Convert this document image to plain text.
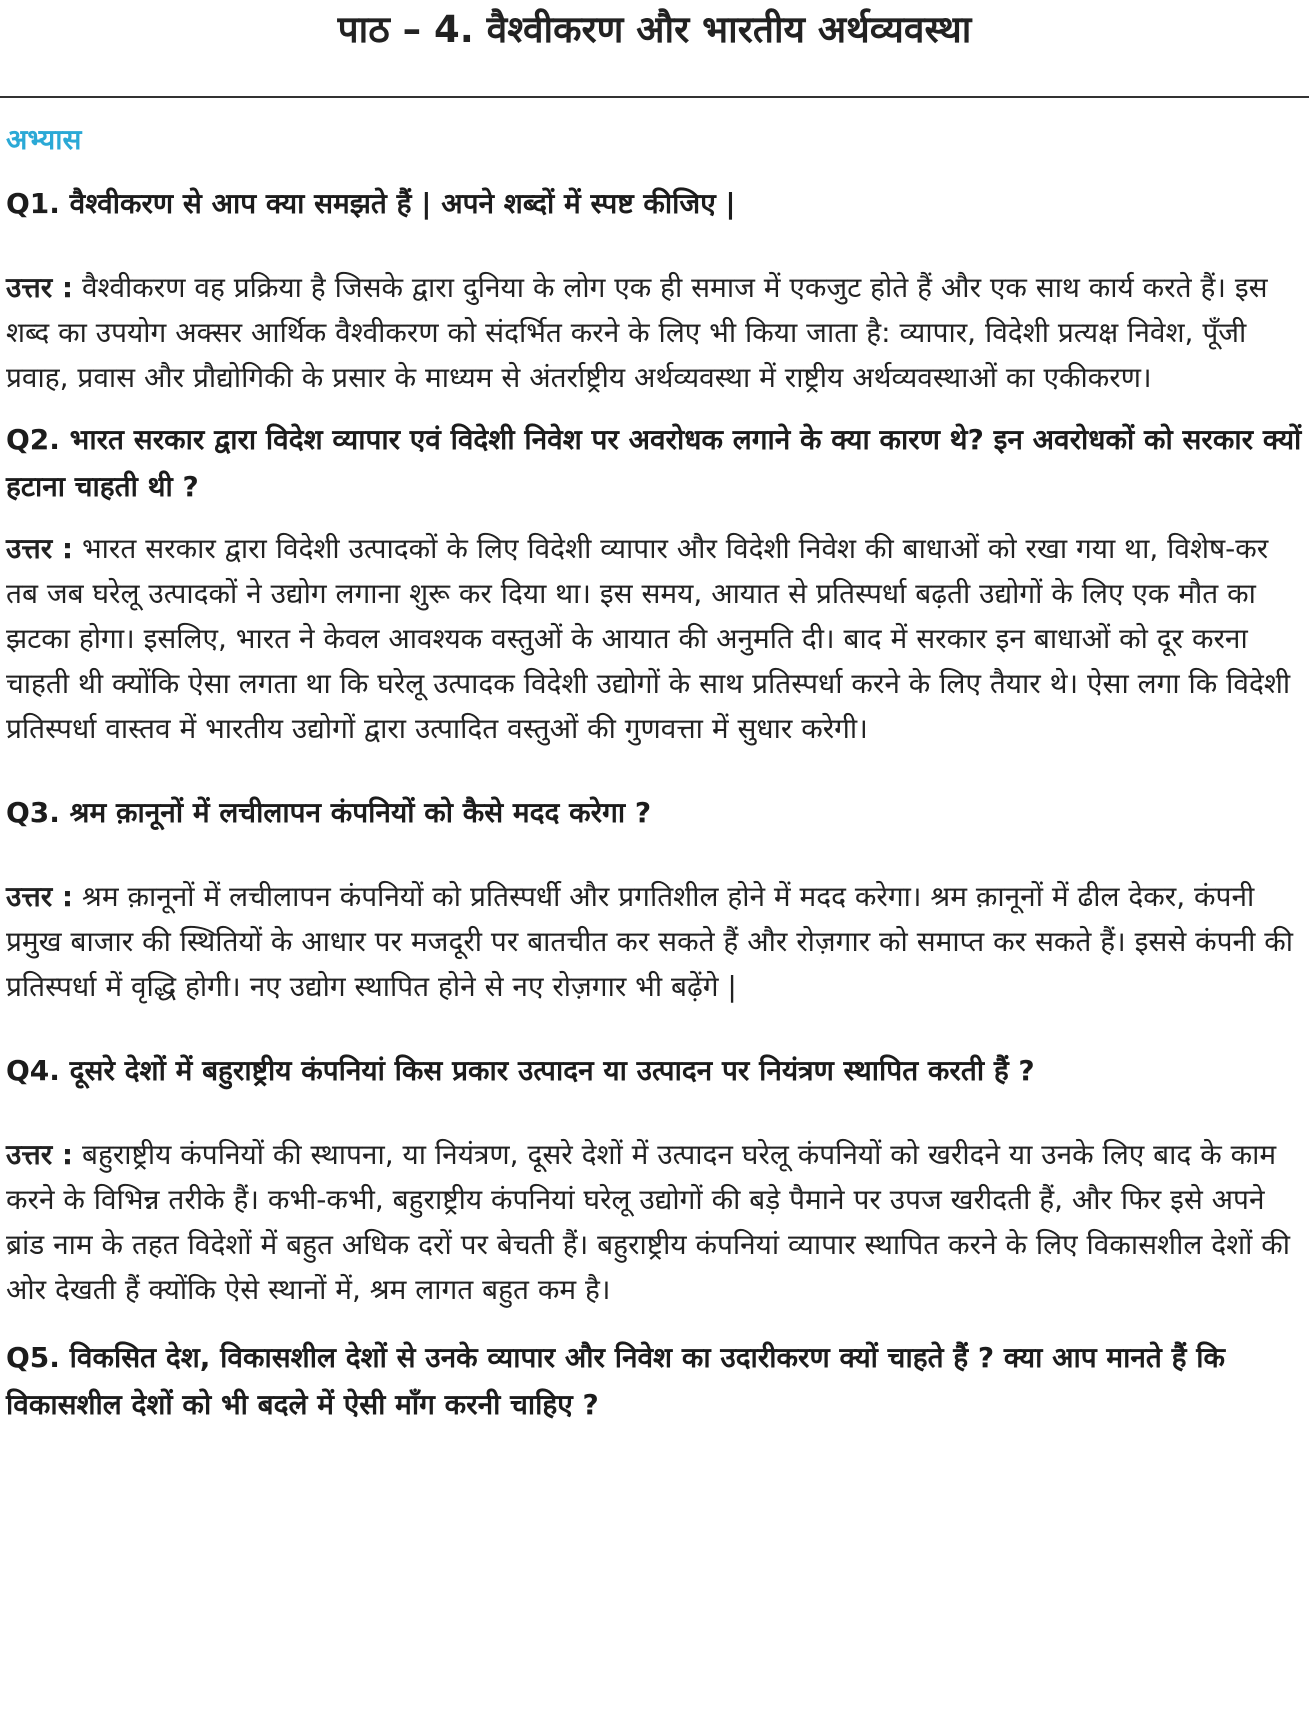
पाठ – 4. वैश्वीकरण और भारतीय अर्थव्यवस्था
अभ्यास

Q1. वैश्वीकरण से आप क्या समझते हैं | अपने शब्दों में स्पष्ट कीजिए |

उत्तर : वैश्वीकरण वह प्रक्रिया है जिसके द्वारा दुनिया के लोग एक ही समाज में एकजुट होते हैं और एक साथ कार्य करते हैं। इस शब्द का उपयोग अक्सर आर्थिक वैश्वीकरण को संदर्भित करने के लिए भी किया जाता है: व्यापार, विदेशी प्रत्यक्ष निवेश, पूँजी प्रवाह, प्रवास और प्रौद्योगिकी के प्रसार के माध्यम से अंतर्राष्ट्रीय अर्थव्यवस्था में राष्ट्रीय अर्थव्यवस्थाओं का एकीकरण।

Q2. भारत सरकार द्वारा विदेश व्यापार एवं विदेशी निवेश पर अवरोधक लगाने के क्या कारण थे? इन अवरोधकों को सरकार क्यों हटाना चाहती थी ?

उत्तर : भारत सरकार द्वारा विदेशी उत्पादकों के लिए विदेशी व्यापार और विदेशी निवेश की बाधाओं को रखा गया था, विशेष-कर तब जब घरेलू उत्पादकों ने उद्योग लगाना शुरू कर दिया था। इस समय, आयात से प्रतिस्पर्धा बढ़ती उद्योगों के लिए एक मौत का झटका होगा। इसलिए, भारत ने केवल आवश्यक वस्तुओं के आयात की अनुमति दी। बाद में सरकार इन बाधाओं को दूर करना चाहती थी क्योंकि ऐसा लगता था कि घरेलू उत्पादक विदेशी उद्योगों के साथ प्रतिस्पर्धा करने के लिए तैयार थे। ऐसा लगा कि विदेशी प्रतिस्पर्धा वास्तव में भारतीय उद्योगों द्वारा उत्पादित वस्तुओं की गुणवत्ता में सुधार करेगी।

Q3. श्रम क़ानूनों में लचीलापन कंपनियों को कैसे मदद करेगा ?

उत्तर : श्रम क़ानूनों में लचीलापन कंपनियों को प्रतिस्पर्धी और प्रगतिशील होने में मदद करेगा। श्रम क़ानूनों में ढील देकर, कंपनी प्रमुख बाजार की स्थितियों के आधार पर मजदूरी पर बातचीत कर सकते हैं और रोज़गार को समाप्त कर सकते हैं। इससे कंपनी की प्रतिस्पर्धा में वृद्धि होगी। नए उद्योग स्थापित होने से नए रोज़गार भी बढ़ेंगे |

Q4. दूसरे देशों में बहुराष्ट्रीय कंपनियां किस प्रकार उत्पादन या उत्पादन पर नियंत्रण स्थापित करती हैं ?

उत्तर : बहुराष्ट्रीय कंपनियों की स्थापना, या नियंत्रण, दूसरे देशों में उत्पादन घरेलू कंपनियों को खरीदने या उनके लिए बाद के काम करने के विभिन्न तरीके हैं। कभी-कभी, बहुराष्ट्रीय कंपनियां घरेलू उद्योगों की बड़े पैमाने पर उपज खरीदती हैं, और फिर इसे अपने ब्रांड नाम के तहत विदेशों में बहुत अधिक दरों पर बेचती हैं। बहुराष्ट्रीय कंपनियां व्यापार स्थापित करने के लिए विकासशील देशों की ओर देखती हैं क्योंकि ऐसे स्थानों में, श्रम लागत बहुत कम है।

Q5. विकसित देश, विकासशील देशों से उनके व्यापार और निवेश का उदारीकरण क्यों चाहते हैं ? क्या आप मानते हैं कि विकासशील देशों को भी बदले में ऐसी माँग करनी चाहिए ?
